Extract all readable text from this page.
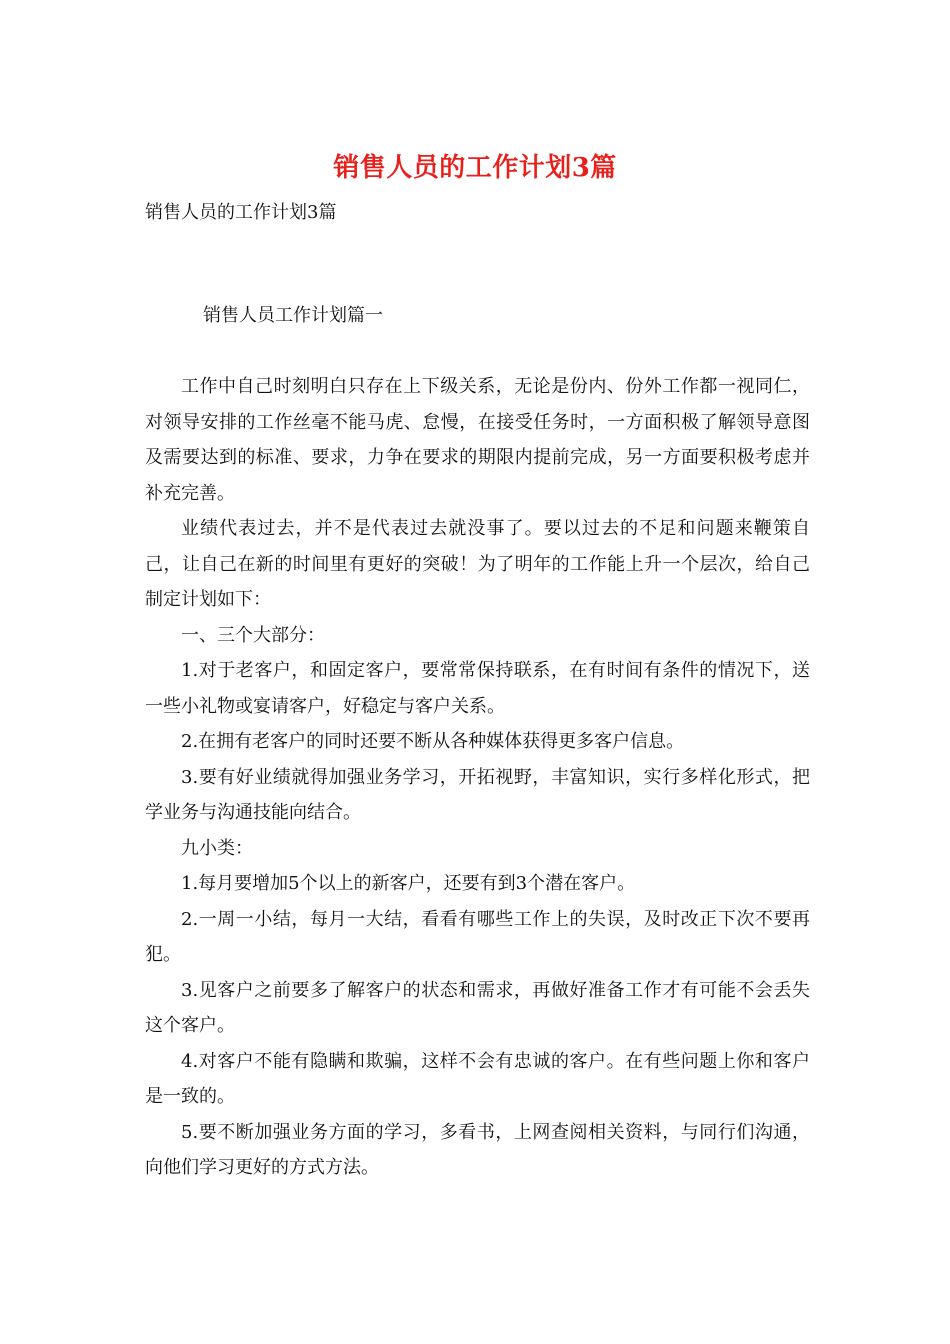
销售人员的工作计划3篇

销售人员的工作计划3篇

销售人员工作计划篇一

工作中自己时刻明白只存在上下级关系，无论是份内、份外工作都一视同仁，对领导安排的工作丝毫不能马虎、怠慢，在接受任务时，一方面积极了解领导意图及需要达到的标准、要求，力争在要求的期限内提前完成，另一方面要积极考虑并补充完善。

业绩代表过去，并不是代表过去就没事了。要以过去的不足和问题来鞭策自己，让自己在新的时间里有更好的突破！为了明年的工作能上升一个层次，给自己制定计划如下：

一、三个大部分：

1.对于老客户，和固定客户，要常常保持联系，在有时间有条件的情况下，送一些小礼物或宴请客户，好稳定与客户关系。

2.在拥有老客户的同时还要不断从各种媒体获得更多客户信息。

3.要有好业绩就得加强业务学习，开拓视野，丰富知识，实行多样化形式，把学业务与沟通技能向结合。

九小类：

1.每月要增加5个以上的新客户，还要有到3个潜在客户。

2.一周一小结，每月一大结，看看有哪些工作上的失误，及时改正下次不要再犯。

3.见客户之前要多了解客户的状态和需求，再做好准备工作才有可能不会丢失这个客户。

4.对客户不能有隐瞒和欺骗，这样不会有忠诚的客户。在有些问题上你和客户是一致的。

5.要不断加强业务方面的学习，多看书，上网查阅相关资料，与同行们沟通，向他们学习更好的方式方法。
